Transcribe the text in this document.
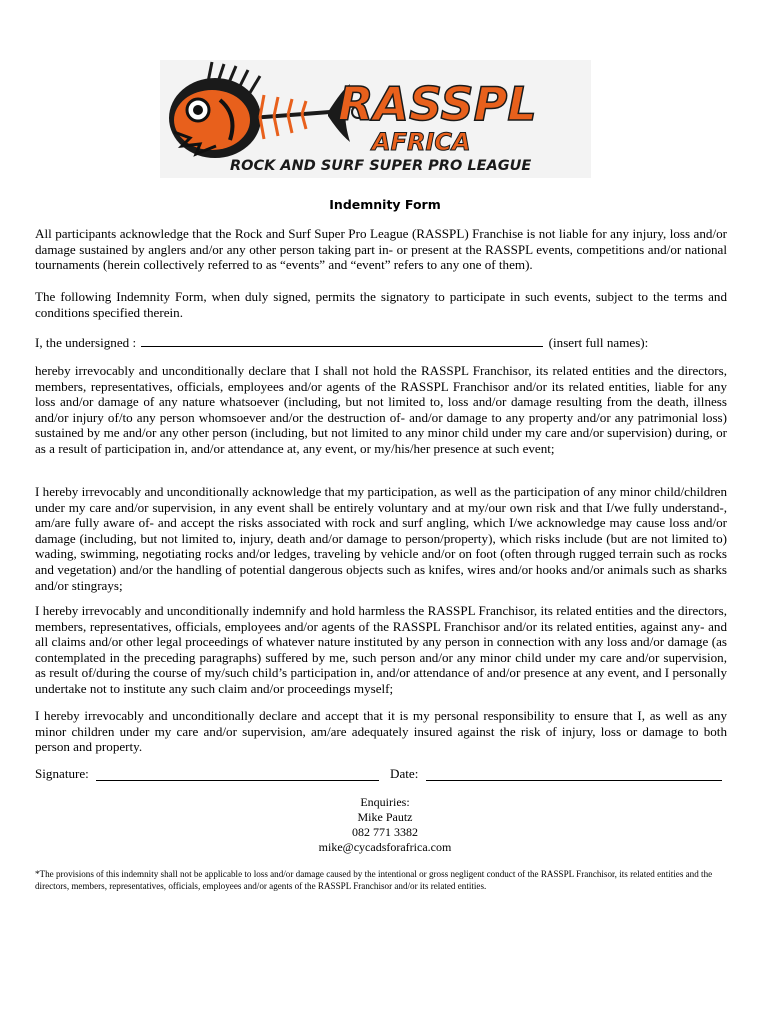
RASSPL
AFRICA
ROCK AND SURF SUPER PRO LEAGUE
Indemnity Form

All participants acknowledge that the Rock and Surf Super Pro League (RASSPL) Franchise is not liable for any injury, loss and/or damage sustained by anglers and/or any other person taking part in- or present at the RASSPL events, competitions and/or national tournaments (herein collectively referred to as “events” and “event” refers to any one of them).

The following Indemnity Form, when duly signed, permits the signatory to participate in such events, subject to the terms and conditions specified therein.

I, the undersigned :	(insert full names):

hereby irrevocably and unconditionally declare that I shall not hold the RASSPL Franchisor, its related entities and the directors, members, representatives, officials, employees and/or agents of the RASSPL Franchisor and/or its related entities, liable for any loss and/or damage of any nature whatsoever (including, but not limited to, loss and/or damage resulting from the death, illness and/or injury of/to any person whomsoever and/or the destruction of- and/or damage to any property and/or any patrimonial loss) sustained by me and/or any other person (including, but not limited to any minor child under my care and/or supervision) during, or as a result of participation in, and/or attendance at, any event, or my/his/her presence at such event;

I hereby irrevocably and unconditionally acknowledge that my participation, as well as the participation of any minor child/children under my care and/or supervision, in any event shall be entirely voluntary and at my/our own risk and that I/we fully understand-, am/are fully aware of- and accept the risks associated with rock and surf angling, which I/we acknowledge may cause loss and/or damage (including, but not limited to, injury, death and/or damage to person/property), which risks include (but are not limited to) wading, swimming, negotiating rocks and/or ledges, traveling by vehicle and/or on foot (often through rugged terrain such as rocks and vegetation) and/or the handling of potential dangerous objects such as knifes, wires and/or hooks and/or animals such as sharks and/or stingrays;

I hereby irrevocably and unconditionally indemnify and hold harmless the RASSPL Franchisor, its related entities and the directors, members, representatives, officials, employees and/or agents of the RASSPL Franchisor and/or its related entities, against any- and all claims and/or other legal proceedings of whatever nature instituted by any person in connection with any loss and/or damage (as contemplated in the preceding paragraphs) suffered by me, such person and/or any minor child under my care and/or supervision, as result of/during the course of my/such child’s participation in, and/or attendance of and/or presence at any event, and I personally undertake not to institute any such claim and/or proceedings myself;

I hereby irrevocably and unconditionally declare and accept that it is my personal responsibility to ensure that I, as well as any minor children under my care and/or supervision, am/are adequately insured against the risk of injury, loss or damage to both person and property.

Signature:	Date:
Enquiries:
Mike Pautz
082 771 3382
mike@cycadsforafrica.com
*The provisions of this indemnity shall not be applicable to loss and/or damage caused by the intentional or gross negligent conduct of the RASSPL Franchisor, its related entities and the directors, members, representatives, officials, employees and/or agents of the RASSPL Franchisor and/or its related entities.
